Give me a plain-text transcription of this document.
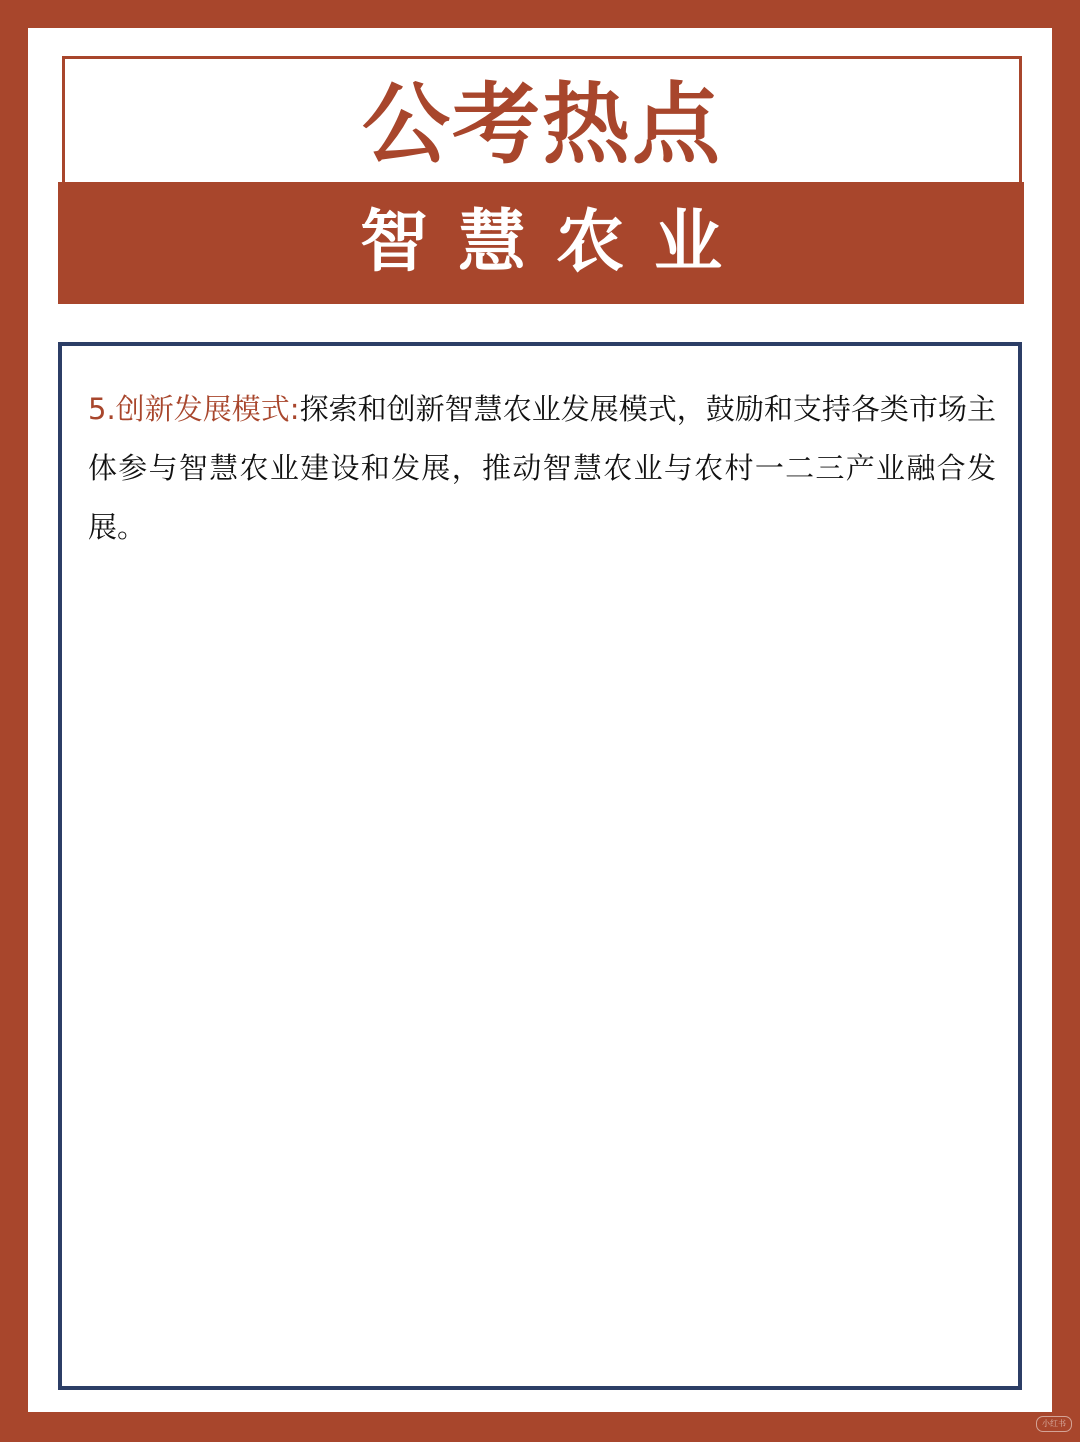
公考热点
智慧农业
5.创新发展模式:探索和创新智慧农业发展模式，鼓励和支持各类市场主体参与智慧农业建设和发展，推动智慧农业与农村一二三产业融合发展。
小红书
